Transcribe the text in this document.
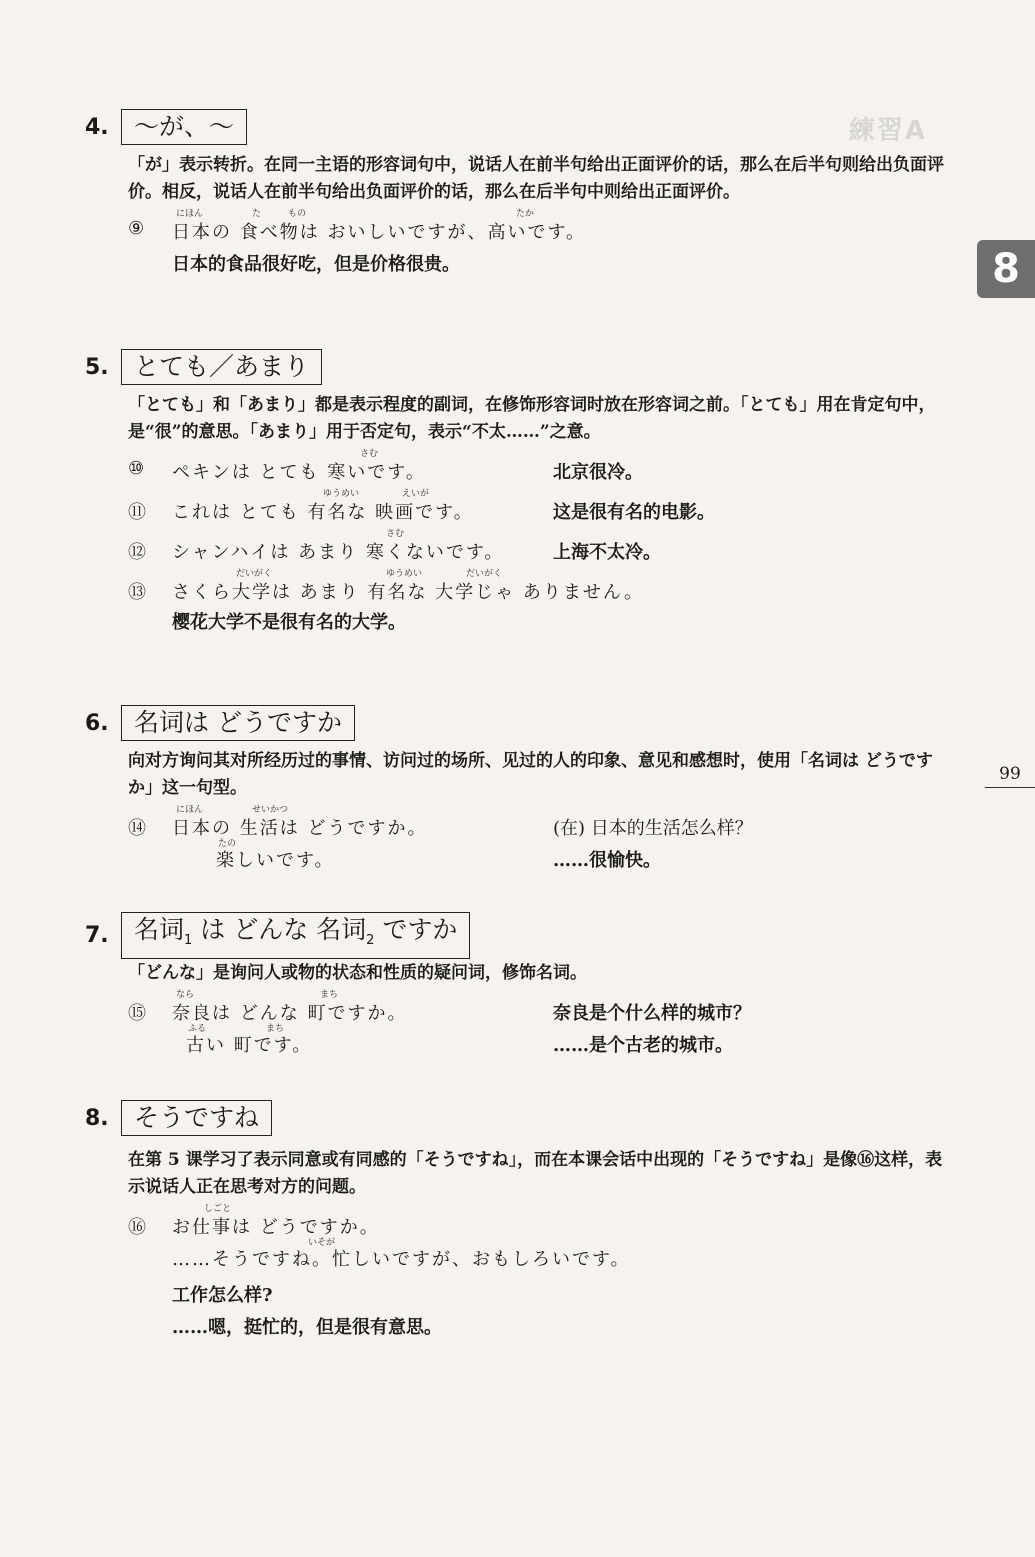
練習A
8
99
4.	～が、～
「が」表示转折。在同一主语的形容词句中，说话人在前半句给出正面评价的话，那么在后半句则给出负面评价。相反，说话人在前半句给出负面评价的话，那么在后半句中则给出正面评价。
⑨ 日本の 食べ物は おいしいですが、高いです。
にほん	た	もの	たか
日本的食品很好吃，但是价格很贵。
5.	とても／あまり
「とても」和「あまり」都是表示程度的副词，在修饰形容词时放在形容词之前。「とても」用在肯定句中，是“很”的意思。「あまり」用于否定句，表示“不太……”之意。
⑩ ペキンは とても 寒いです。
さむ
北京很冷。
⑪ これは とても 有名な 映画です。
ゆうめい	えいが
这是很有名的电影。
⑫ シャンハイは あまり 寒くないです。
さむ
上海不太冷。
⑬ さくら大学は あまり 有名な 大学じゃ ありません。
だいがく	ゆうめい	だいがく
樱花大学不是很有名的大学。
6.	名词は どうですか
向对方询问其对所经历过的事情、访问过的场所、见过的人的印象、意见和感想时，使用「名词は どうですか」这一句型。
⑭ 日本の 生活は どうですか。
にほん	せいかつ
(在) 日本的生活怎么样？
たの
楽しいです。	……很愉快。
7.	名词$_1$ は どんな 名词$_2$ ですか
「どんな」是询问人或物的状态和性质的疑问词，修饰名词。
⑮ 奈良は どんな 町ですか。
なら	まち
奈良是个什么样的城市？
ふる	まち
古い 町です。	……是个古老的城市。
8.	そうですね
在第 5 课学习了表示同意或有同感的「そうですね」，而在本课会话中出现的「そうですね」是像⑯这样，表示说话人正在思考对方的问题。
⑯ お仕事は どうですか。
しごと
いそが
……そうですね。忙しいですが、おもしろいです。
工作怎么样?
……嗯，挺忙的，但是很有意思。
